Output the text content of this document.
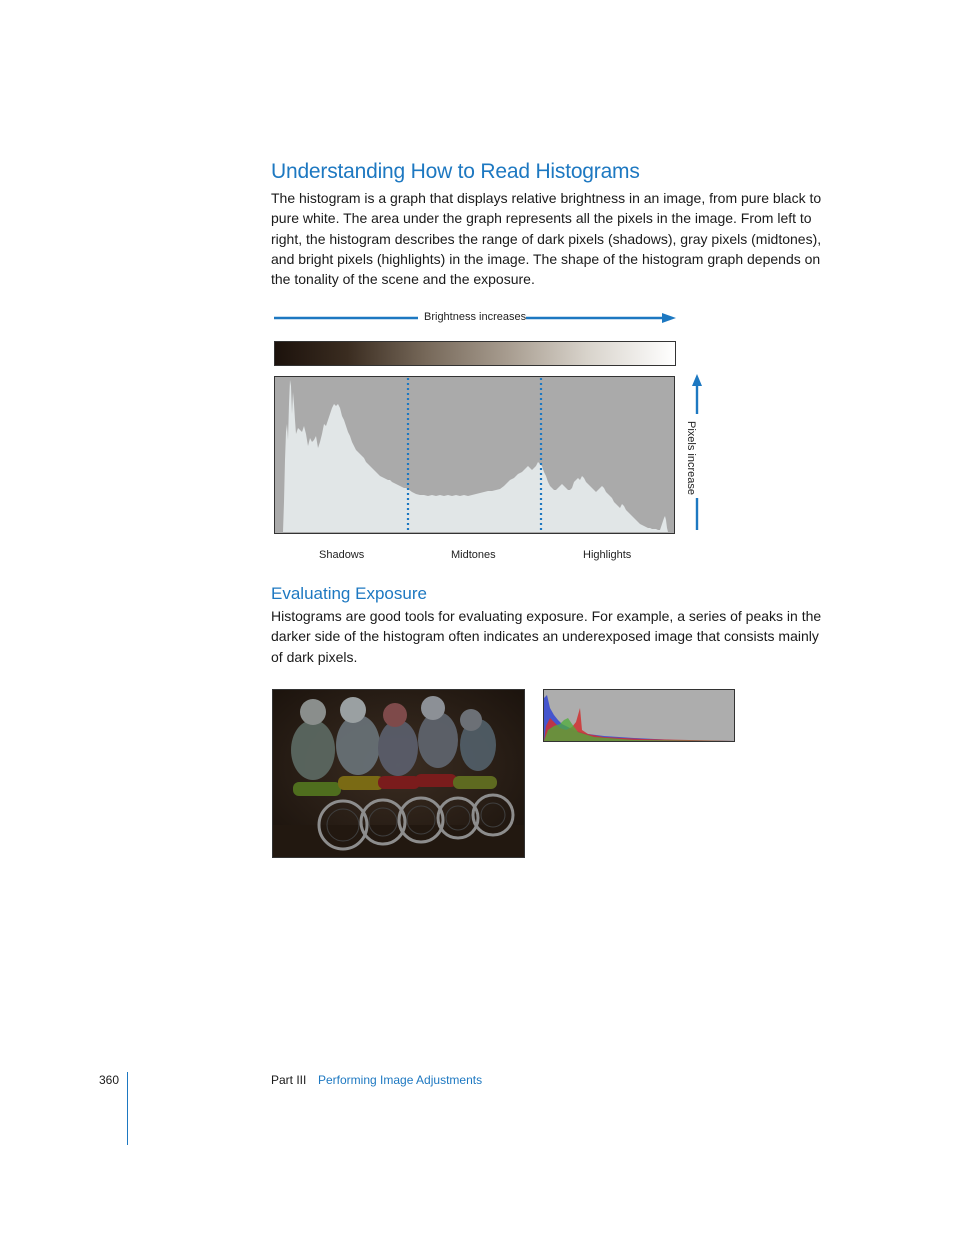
Understanding How to Read Histograms

The histogram is a graph that displays relative brightness in an image, from pure black to pure white. The area under the graph represents all the pixels in the image. From left to right, the histogram describes the range of dark pixels (shadows), gray pixels (midtones), and bright pixels (highlights) in the image. The shape of the histogram graph depends on the tonality of the scene and the exposure.

Brightness increases
Pixels increase
Shadows	Midtones	Highlights
Evaluating Exposure

Histograms are good tools for evaluating exposure. For example, a series of peaks in the darker side of the histogram often indicates an underexposed image that consists mainly of dark pixels.

360	Part III Performing Image Adjustments
